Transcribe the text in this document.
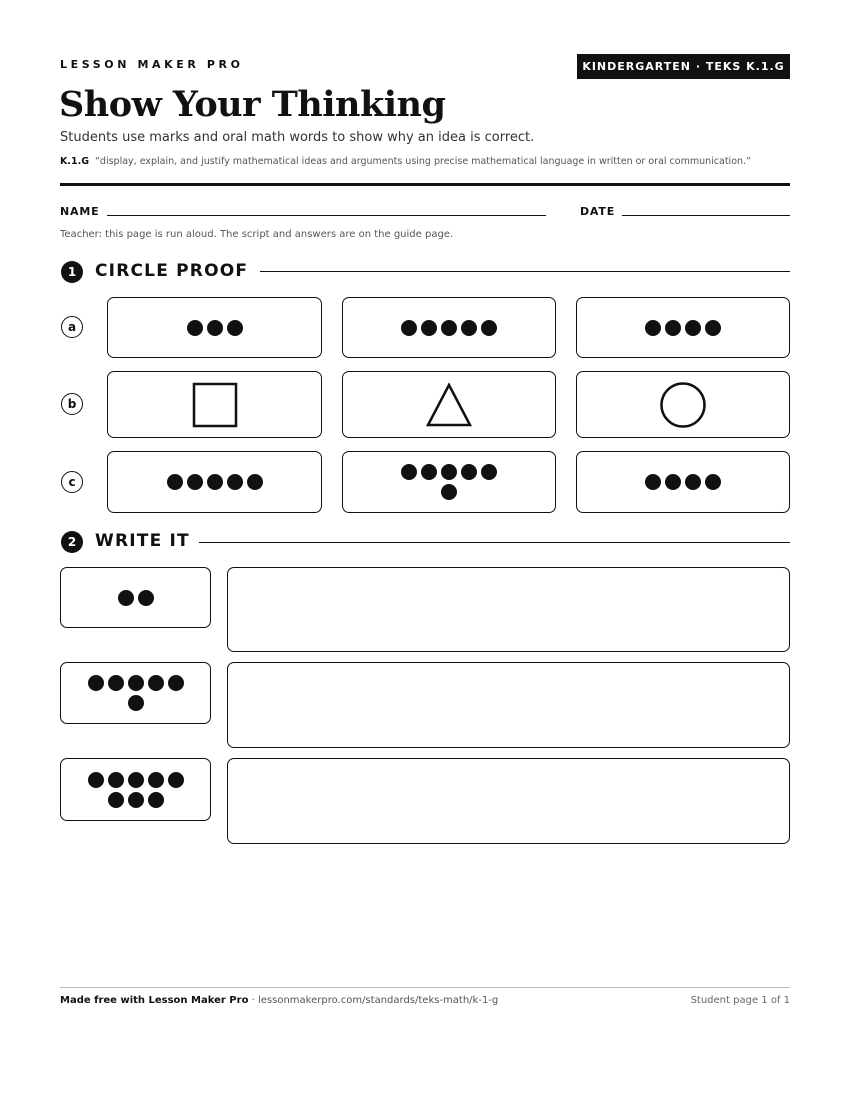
LESSON MAKER PRO	KINDERGARTEN · TEKS K.1.G
Show Your Thinking
Students use marks and oral math words to show why an idea is correct.
K.1.G “display, explain, and justify mathematical ideas and arguments using precise mathematical language in written or oral communication.”
NAME	DATE
Teacher: this page is run aloud. The script and answers are on the guide page.
1	CIRCLE PROOF
a
b
c
2	WRITE IT
Made free with Lesson Maker Pro · lessonmakerpro.com/standards/teks-math/k-1-g	Student page 1 of 1
